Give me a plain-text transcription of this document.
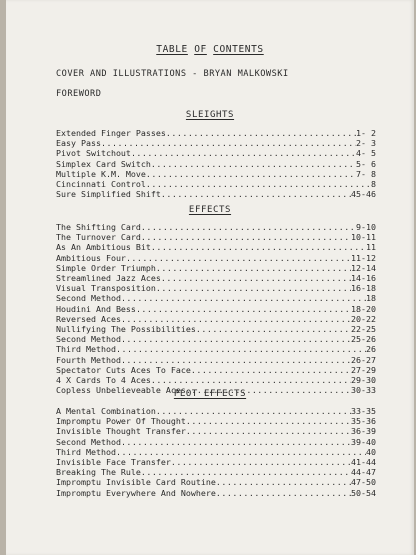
TABLE OF CONTENTS
COVER AND ILLUSTRATIONS - BRYAN MALKOWSKI
FOREWORD
SLEIGHTS
Extended Finger Passes .....	1- 2
Easy Pass .....	2- 3
Pivot Switchout .....	4- 5
Simplex Card Switch .....	5- 6
Multiple K.M. Move .....	7- 8
Cincinnati Control .....	8
Sure Simplified Shift .....	45-46
EFFECTS
The Shifting Card .....	9-10
The Turnover Card .....	10-11
As An Ambitious Bit .....	11
Ambitious Four .....	11-12
Simple Order Triumph .....	12-14
Streamlined Jazz Aces .....	14-16
Visual Transposition .....	16-18
Second Method .....	18
Houdini And Bess .....	18-20
Reversed Aces .....	20-22
Nullifying The Possibilities .....	22-25
Second Method .....	25-26
Third Method .....	26
Fourth Method .....	26-27
Spectator Cuts Aces To Face .....	27-29
4 X Cards To 4 Aces .....	29-30
Copless Unbelieveable Aces .....	30-33
PLOT EFFECTS
A Mental Combination .....	33-35
Impromptu Power Of Thought .....	35-36
Invisible Thought Transfer .....	36-39
Second Method .....	39-40
Third Method .....	40
Invisible Face Transfer .....	41-44
Breaking The Rule .....	44-47
Impromptu Invisible Card Routine .....	47-50
Impromptu Everywhere And Nowhere .....	50-54
